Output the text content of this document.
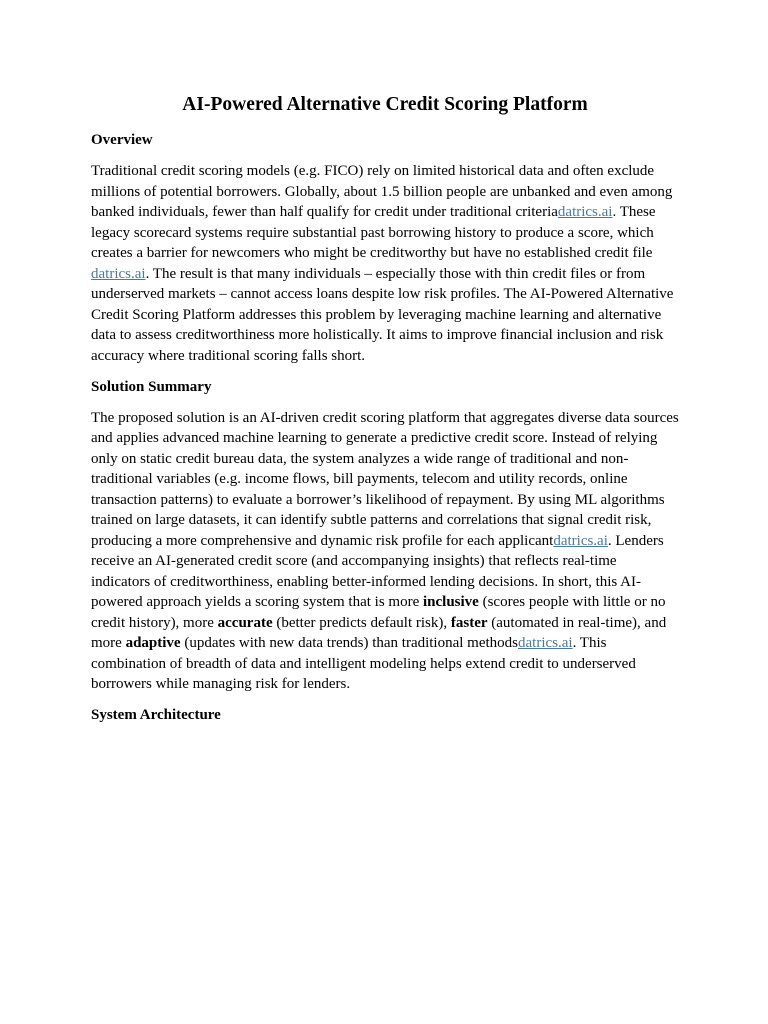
AI-Powered Alternative Credit Scoring Platform
Overview

Traditional credit scoring models (e.g. FICO) rely on limited historical data and often exclude millions of potential borrowers. Globally, about 1.5 billion people are unbanked and even among banked individuals, fewer than half qualify for credit under traditional criteriadatrics.ai. These legacy scorecard systems require substantial past borrowing history to produce a score, which creates a barrier for newcomers who might be creditworthy but have no established credit file datrics.ai. The result is that many individuals – especially those with thin credit files or from underserved markets – cannot access loans despite low risk profiles. The AI-Powered Alternative Credit Scoring Platform addresses this problem by leveraging machine learning and alternative data to assess creditworthiness more holistically. It aims to improve financial inclusion and risk accuracy where traditional scoring falls short.

Solution Summary

The proposed solution is an AI-driven credit scoring platform that aggregates diverse data sources and applies advanced machine learning to generate a predictive credit score. Instead of relying only on static credit bureau data, the system analyzes a wide range of traditional and non-traditional variables (e.g. income flows, bill payments, telecom and utility records, online transaction patterns) to evaluate a borrower’s likelihood of repayment. By using ML algorithms trained on large datasets, it can identify subtle patterns and correlations that signal credit risk, producing a more comprehensive and dynamic risk profile for each applicantdatrics.ai. Lenders receive an AI-generated credit score (and accompanying insights) that reflects real-time indicators of creditworthiness, enabling better-informed lending decisions. In short, this AI-powered approach yields a scoring system that is more inclusive (scores people with little or no credit history), more accurate (better predicts default risk), faster (automated in real-time), and more adaptive (updates with new data trends) than traditional methodsdatrics.ai. This combination of breadth of data and intelligent modeling helps extend credit to underserved borrowers while managing risk for lenders.

System Architecture
